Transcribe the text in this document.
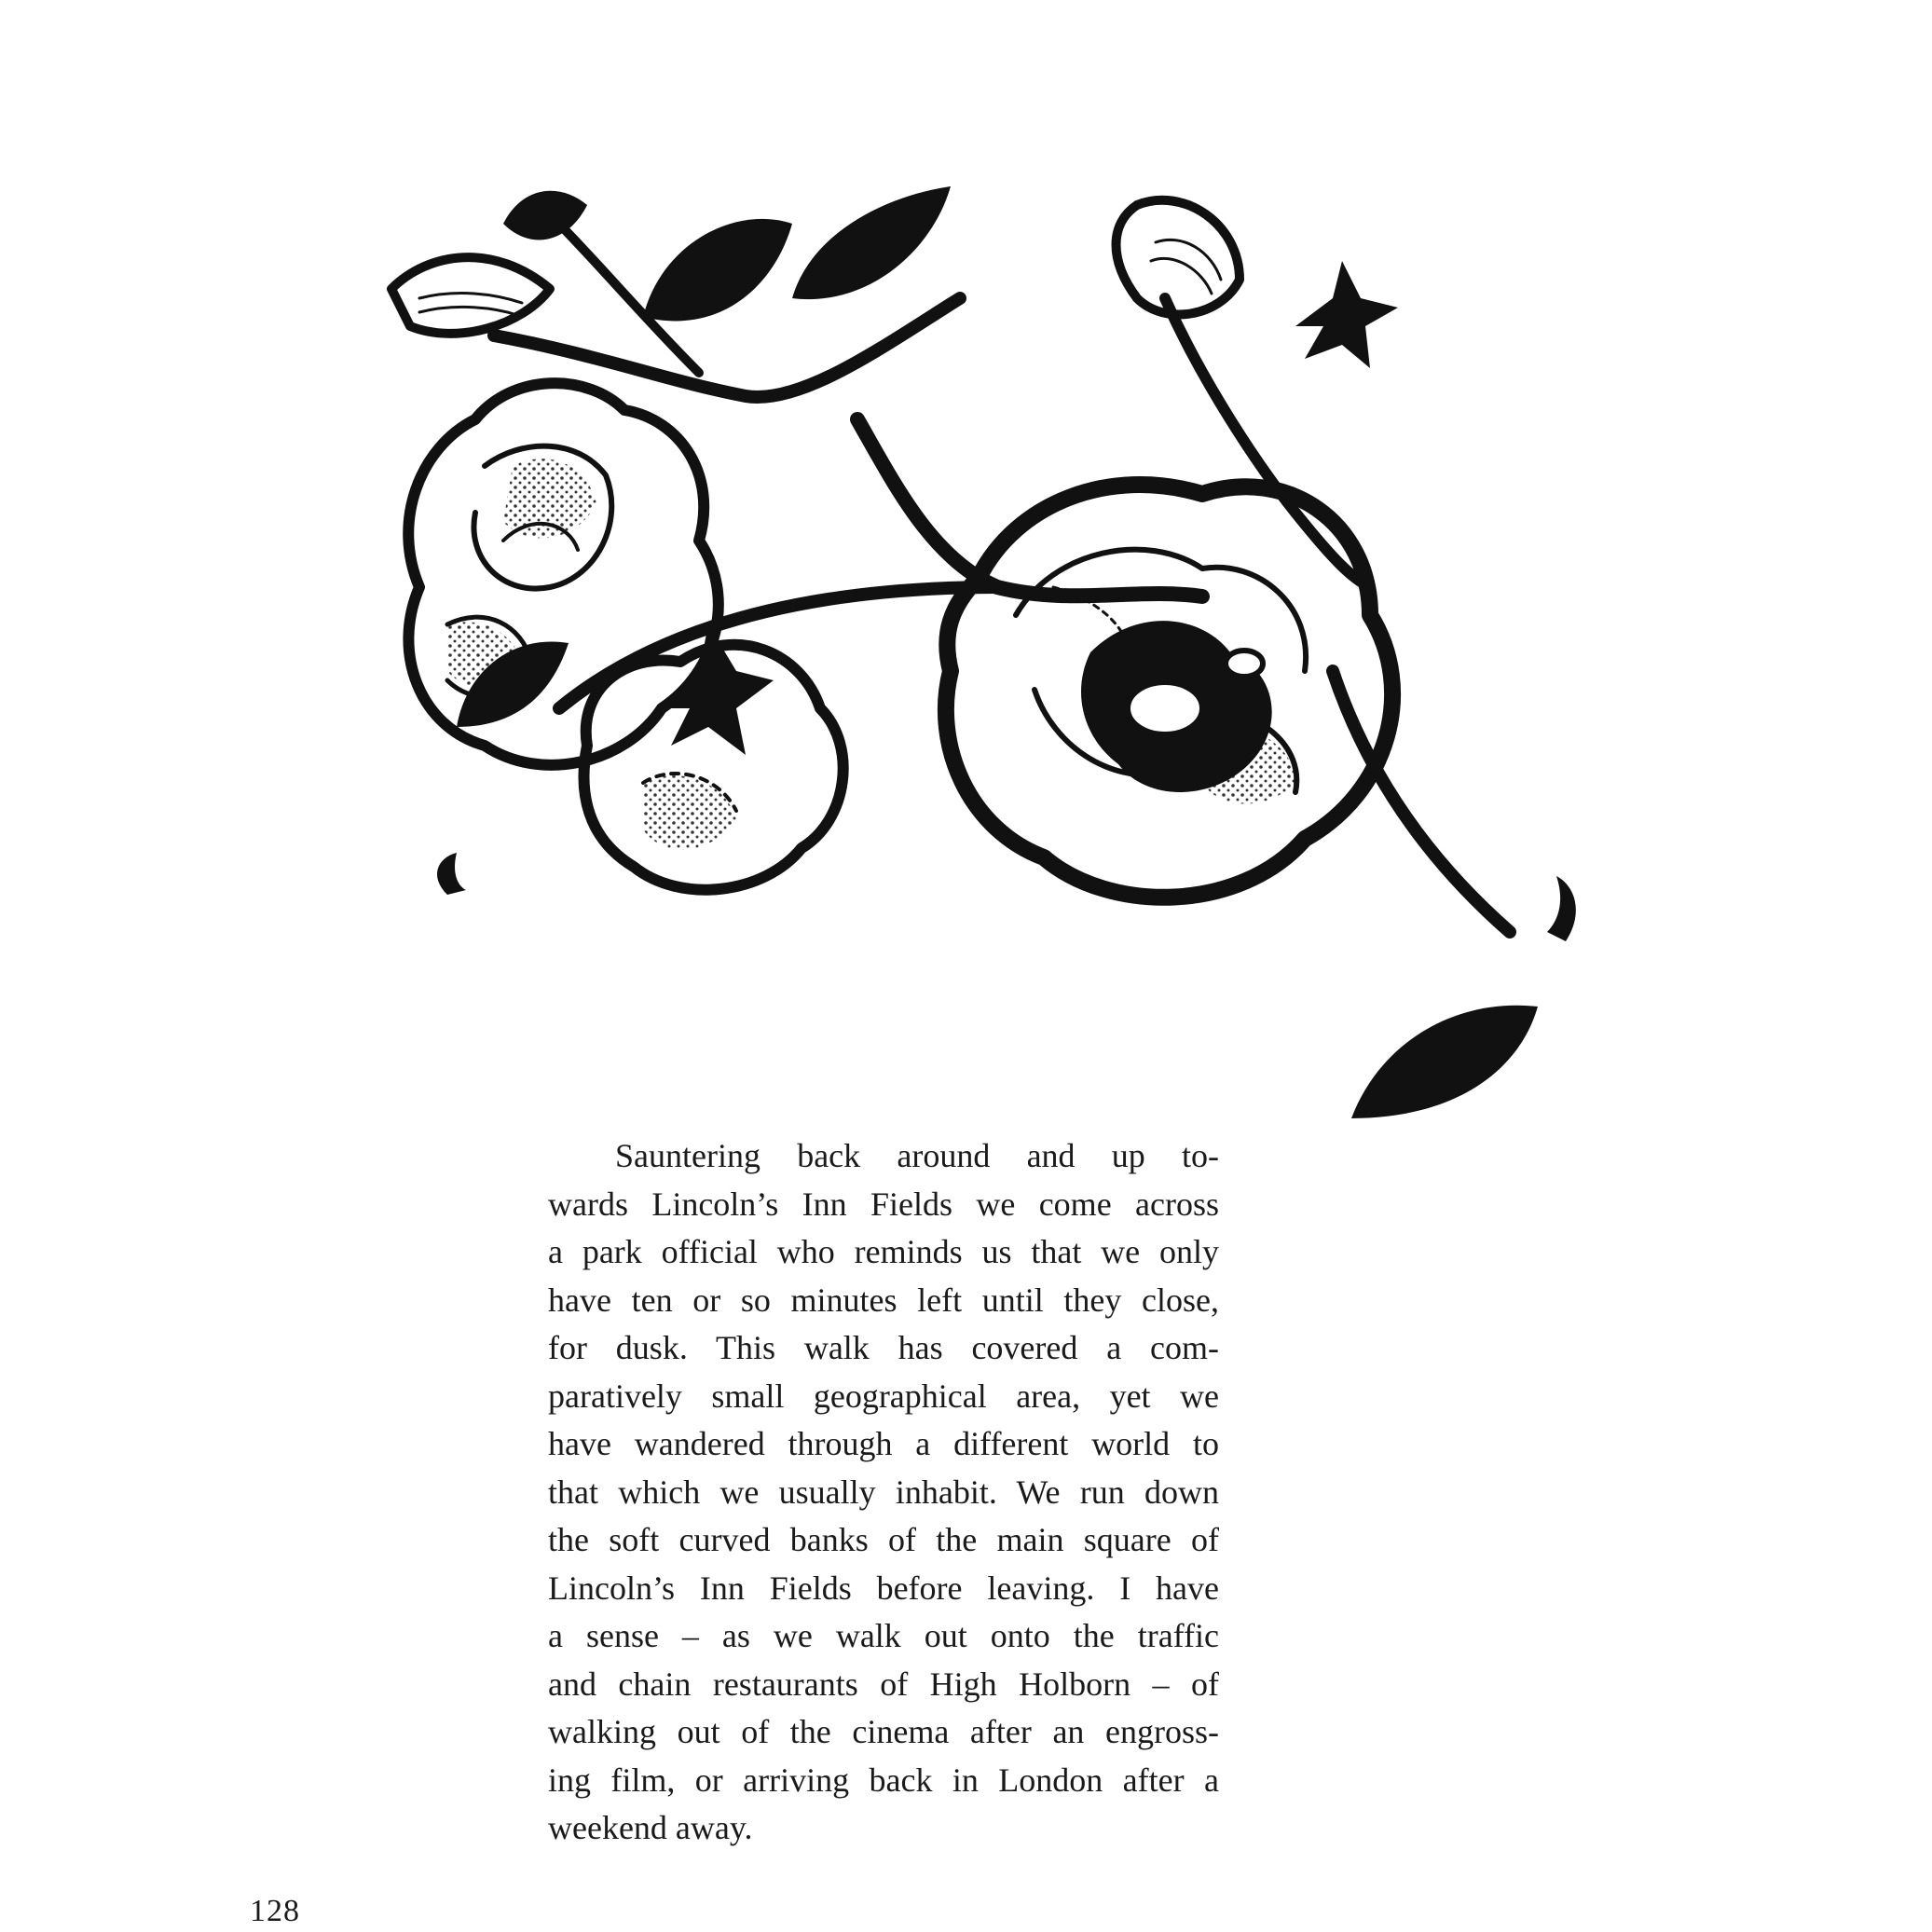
Sauntering back around and up to-
wards Lincoln’s Inn Fields we come across
a park official who reminds us that we only
have ten or so minutes left until they close,
for dusk. This walk has covered a com-
paratively small geographical area, yet we
have wandered through a different world to
that which we usually inhabit. We run down
the soft curved banks of the main square of
Lincoln’s Inn Fields before leaving. I have
a sense – as we walk out onto the traffic
and chain restaurants of High Holborn – of
walking out of the cinema after an engross-
ing film, or arriving back in London after a
weekend away.
128
